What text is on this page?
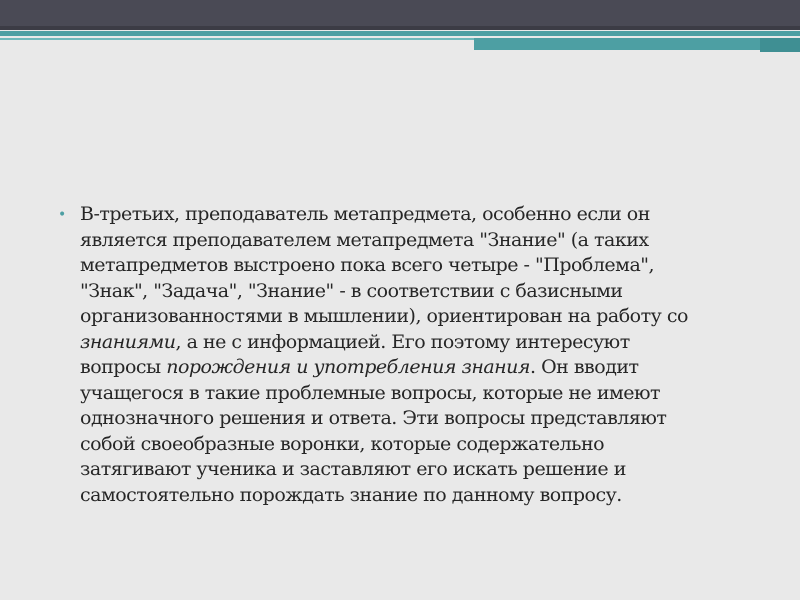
• В-третьих, преподаватель метапредмета, особенно если он
является преподавателем метапредмета "Знание" (а таких
метапредметов выстроено пока всего четыре - "Проблема",
"Знак", "Задача", "Знание" - в соответствии с базисными
организованностями в мышлении), ориентирован на работу со
знаниями, а не с информацией. Его поэтому интересуют
вопросы порождения и употребления знания. Он вводит
учащегося в такие проблемные вопросы, которые не имеют
однозначного решения и ответа. Эти вопросы представляют
собой своеобразные воронки, которые содержательно
затягивают ученика и заставляют его искать решение и
самостоятельно порождать знание по данному вопросу.
